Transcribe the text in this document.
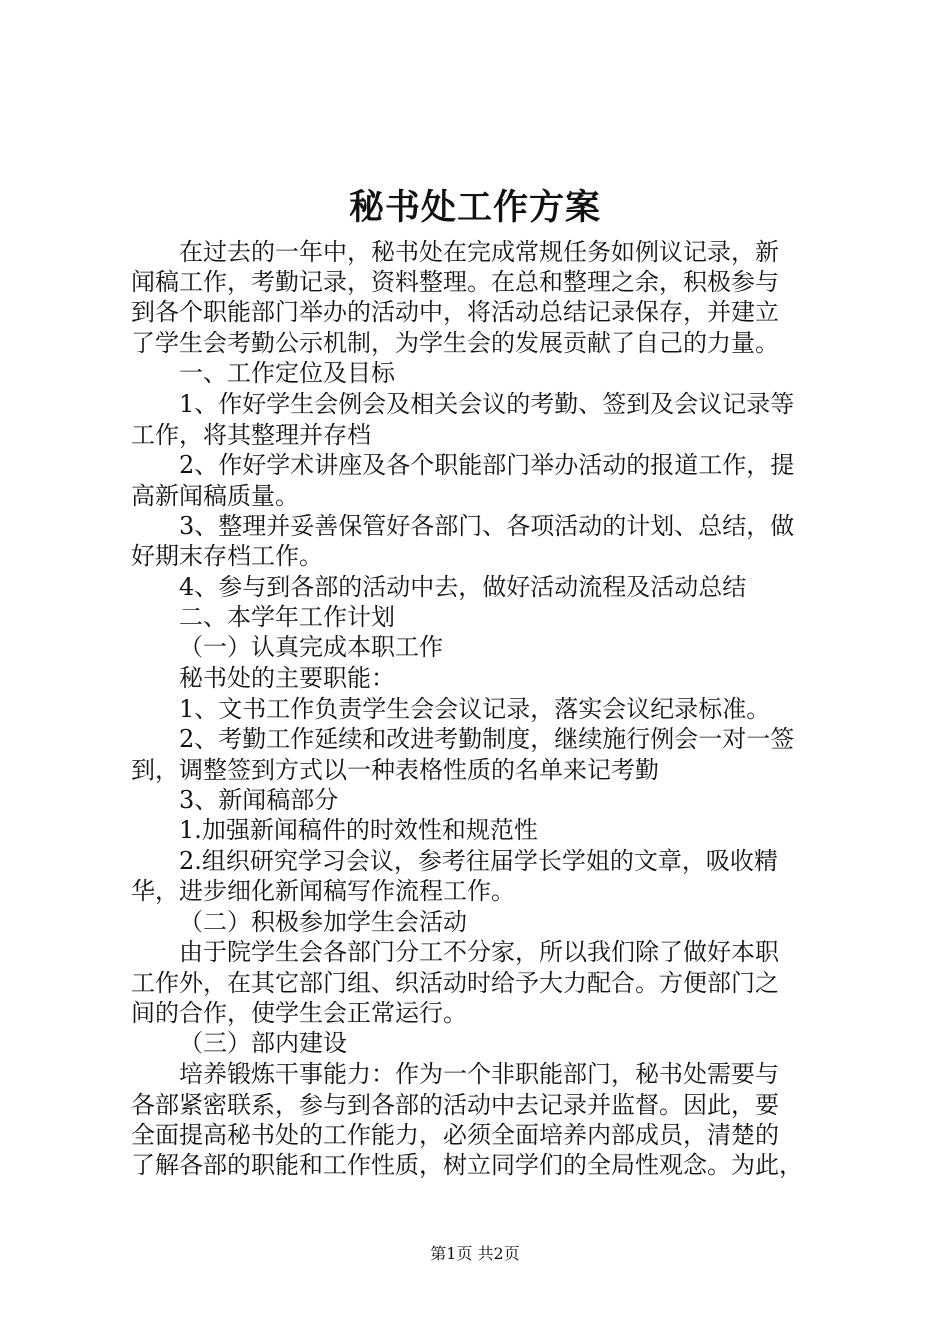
秘书处工作方案
在过去的一年中，秘书处在完成常规任务如例议记录，新
闻稿工作，考勤记录，资料整理。在总和整理之余，积极参与
到各个职能部门举办的活动中，将活动总结记录保存，并建立
了学生会考勤公示机制，为学生会的发展贡献了自己的力量。
一、工作定位及目标
1、作好学生会例会及相关会议的考勤、签到及会议记录等
工作，将其整理并存档
2、作好学术讲座及各个职能部门举办活动的报道工作，提
高新闻稿质量。
3、整理并妥善保管好各部门、各项活动的计划、总结，做
好期末存档工作。
4、参与到各部的活动中去，做好活动流程及活动总结
二、本学年工作计划
（一）认真完成本职工作
秘书处的主要职能：
1、文书工作负责学生会会议记录，落实会议纪录标准。
2、考勤工作延续和改进考勤制度，继续施行例会一对一签
到，调整签到方式以一种表格性质的名单来记考勤
3、新闻稿部分
1.加强新闻稿件的时效性和规范性
2.组织研究学习会议，参考往届学长学姐的文章，吸收精
华，进步细化新闻稿写作流程工作。
（二）积极参加学生会活动
由于院学生会各部门分工不分家，所以我们除了做好本职
工作外，在其它部门组、织活动时给予大力配合。方便部门之
间的合作，使学生会正常运行。
（三）部内建设
培养锻炼干事能力：作为一个非职能部门，秘书处需要与
各部紧密联系，参与到各部的活动中去记录并监督。因此，要
全面提高秘书处的工作能力，必须全面培养内部成员，清楚的
了解各部的职能和工作性质，树立同学们的全局性观念。为此，
第1页 共2页
